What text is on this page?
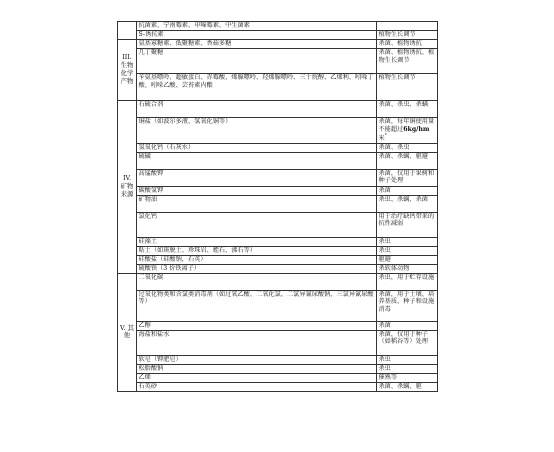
	抗菌素、宁南霉素、申嗪霉素、中生菌素	
	S-诱抗素	植物生长调节
III. 生物化学产物	氨基寡糖素、低聚糖素、香菇多糖	杀菌、植物诱抗
	几丁聚糖	杀菌、植物诱抗、植物生长调节
	苄氨基嘌呤、超敏蛋白、赤霉酸、烯腺嘌呤、羟烯腺嘌呤、三十烷醇、乙烯利、吲哚丁酸、吲哚乙酸、芸苔素内酯	植物生长调节
IV. 矿物来源	石硫合剂	杀菌、杀虫、杀螨
	铜盐（如波尔多液、氢氧化铜等）	杀菌，每年铜使用量不能超过6kg/hm 米$^{^2}$
	氢氧化钙（石灰水）	杀菌、杀虫
	硫磺	杀菌、杀螨、驱避
	高锰酸钾	杀菌，仅用于果树和种子处理
	碳酸氢钾	杀菌
	矿物油	杀虫、杀螨、杀菌
	氯化钙	用于治疗缺钙带来的抗性减弱
	硅藻土	杀虫
	粘土（如斑脱土、珍珠岩、蛭石、沸石等）	杀虫
	硅酸盐（硅酸钠，石英）	驱避
	硫酸铁（3 价铁离子）	杀软体动物
V. 其他	二氧化碳	杀虫，用于贮存设施
	过氧化物类和含氯类消毒剂（如过氧乙酸、二氧化氯、二氯异氰尿酸钠、三氯异氰尿酸等）	杀菌，用于土壤、培养基质、种子和设施消毒
	乙醇	杀菌
	海盐和盐水	杀菌，仅用于种子（如稻谷等）处理
	软皂（钾肥皂）	杀虫
	松脂酸钠	杀虫
	乙烯	催熟等
	石英砂	杀菌、杀螨、驱
